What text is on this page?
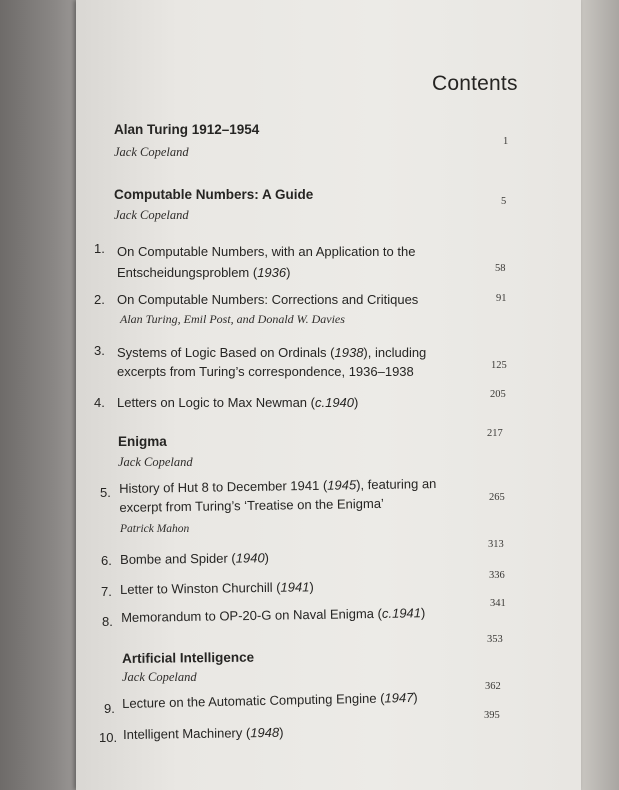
Contents
Alan Turing 1912–1954
Jack Copeland
1
Computable Numbers: A Guide
Jack Copeland
5
1. On Computable Numbers, with an Application to the
Entscheidungsproblem (1936)	58
2. On Computable Numbers: Corrections and Critiques
Alan Turing, Emil Post, and Donald W. Davies
91
3. Systems of Logic Based on Ordinals (1938), including
excerpts from Turing’s correspondence, 1936–1938	125
4. Letters on Logic to Max Newman (c.1940)
205
217
Enigma
Jack Copeland
5. History of Hut 8 to December 1941 (1945), featuring an
excerpt from Turing’s ‘Treatise on the Enigma’
Patrick Mahon
265
313
6. Bombe and Spider (1940)
336
7. Letter to Winston Churchill (1941)
341
8. Memorandum to OP-20-G on Naval Enigma (c.1941)
353
Artificial Intelligence
Jack Copeland
362
9. Lecture on the Automatic Computing Engine (1947)
395
10. Intelligent Machinery (1948)
